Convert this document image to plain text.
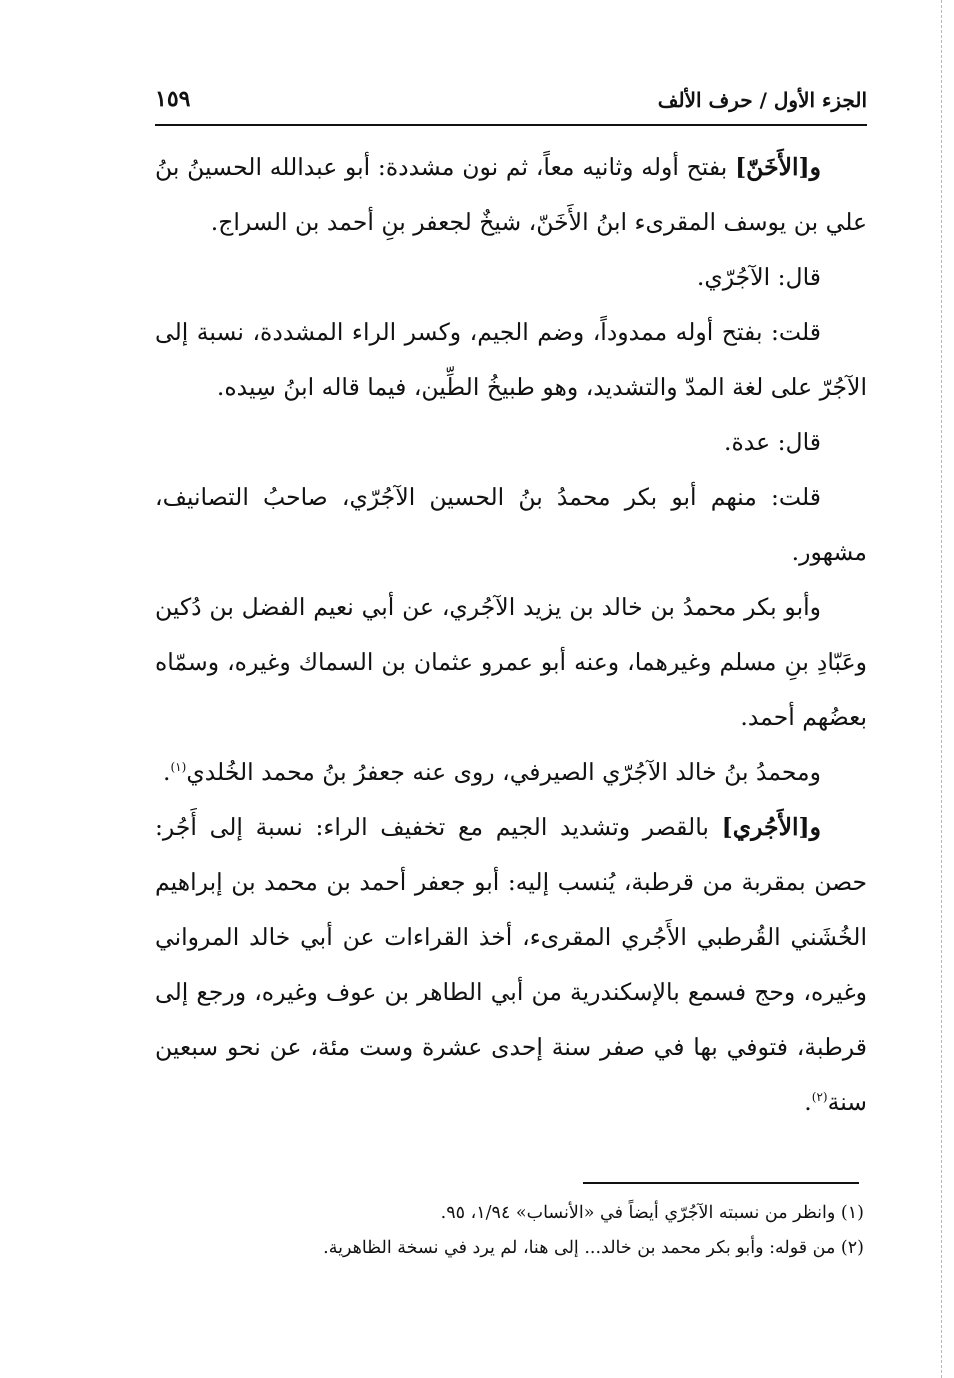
الجزء الأول / حرف الألف
١٥٩

و[الأَخَنّ] بفتح أوله وثانيه معاً، ثم نون مشددة: أبو عبدالله الحسينُ بنُ علي بن يوسف المقرىء ابنُ الأَخَنّ، شيخٌ لجعفر بنِ أحمد بن السراج.

قال: الآجُرّي.

قلت: بفتح أوله ممدوداً، وضم الجيم، وكسر الراء المشددة، نسبة إلى الآجُرّ على لغة المدّ والتشديد، وهو طبيخُ الطِّين، فيما قاله ابنُ سِيده.

قال: عدة.

قلت: منهم أبو بكر محمدُ بنُ الحسين الآجُرّي، صاحبُ التصانيف، مشهور.

وأبو بكر محمدُ بن خالد بن يزيد الآجُري، عن أبي نعيم الفضل بن دُكين وعَبّادِ بنِ مسلم وغيرهما، وعنه أبو عمرو عثمان بن السماك وغيره، وسمّاه بعضُهم أحمد.

ومحمدُ بنُ خالد الآجُرّي الصيرفي، روى عنه جعفرُ بنُ محمد الخُلدي$^{(١)}$.

و[الأَجُري] بالقصر وتشديد الجيم مع تخفيف الراء: نسبة إلى أَجُر: حصن بمقربة من قرطبة، يُنسب إليه: أبو جعفر أحمد بن محمد بن إبراهيم الخُشَني القُرطبي الأَجُري المقرىء، أخذ القراءات عن أبي خالد المرواني وغيره، وحج فسمع بالإسكندرية من أبي الطاهر بن عوف وغيره، ورجع إلى قرطبة، فتوفي بها في صفر سنة إحدى عشرة وست مئة، عن نحو سبعين سنة$^{(٢)}$.

(١) وانظر من نسبته الآجُرّي أيضاً في «الأنساب» ١/٩٤، ٩٥.

(٢) من قوله: وأبو بكر محمد بن خالد... إلى هنا، لم يرد في نسخة الظاهرية.
